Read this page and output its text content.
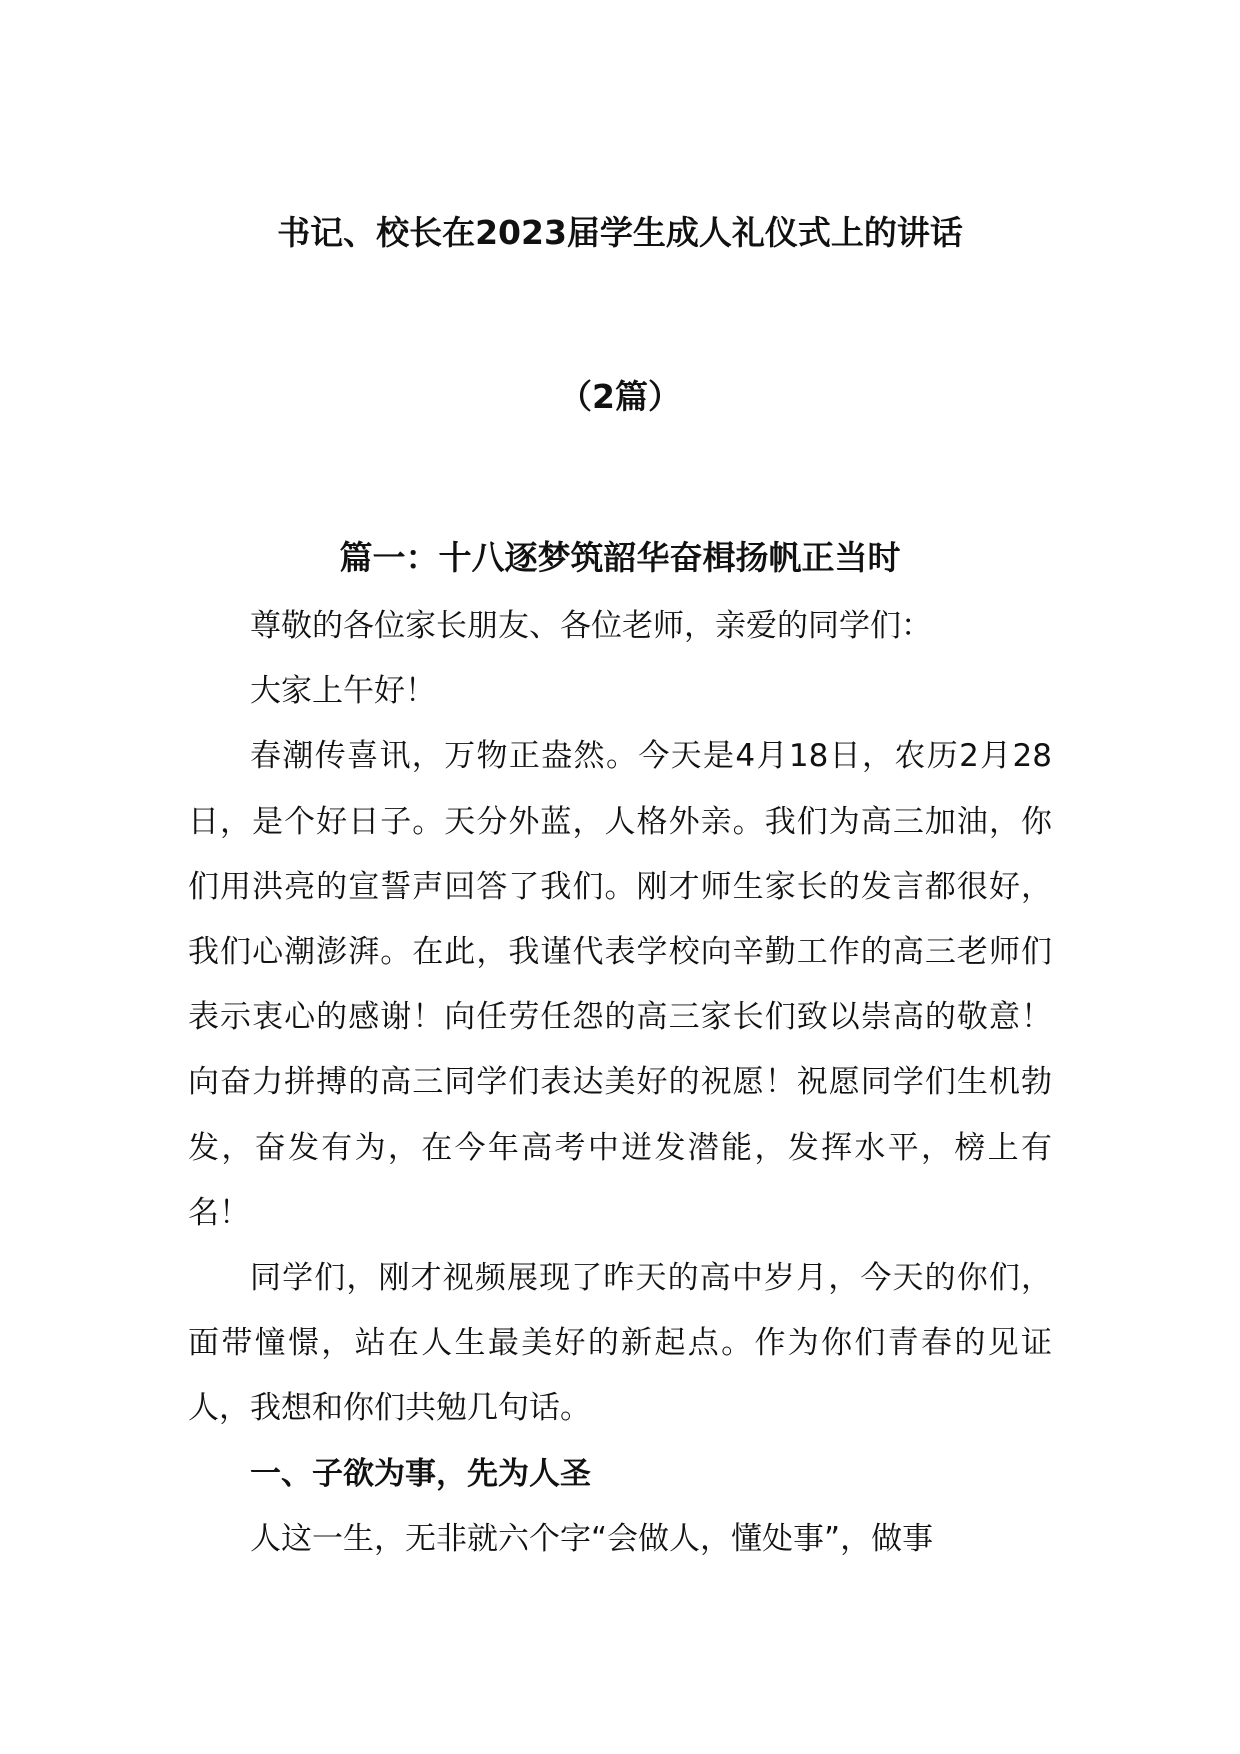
书记、校长在2023届学生成人礼仪式上的讲话
（2篇）
篇一：十八逐梦筑韶华奋楫扬帆正当时

尊敬的各位家长朋友、各位老师，亲爱的同学们：

大家上午好！

春潮传喜讯，万物正盎然。今天是4月18日，农历2月28日，是个好日子。天分外蓝，人格外亲。我们为高三加油，你们用洪亮的宣誓声回答了我们。刚才师生家长的发言都很好，我们心潮澎湃。在此，我谨代表学校向辛勤工作的高三老师们表示衷心的感谢！向任劳任怨的高三家长们致以崇高的敬意！向奋力拼搏的高三同学们表达美好的祝愿！祝愿同学们生机勃发，奋发有为，在今年高考中迸发潜能，发挥水平，榜上有名！

同学们，刚才视频展现了昨天的高中岁月，今天的你们，面带憧憬，站在人生最美好的新起点。作为你们青春的见证人，我想和你们共勉几句话。

一、子欲为事，先为人圣

人这一生，无非就六个字“会做人，懂处事”，做事
